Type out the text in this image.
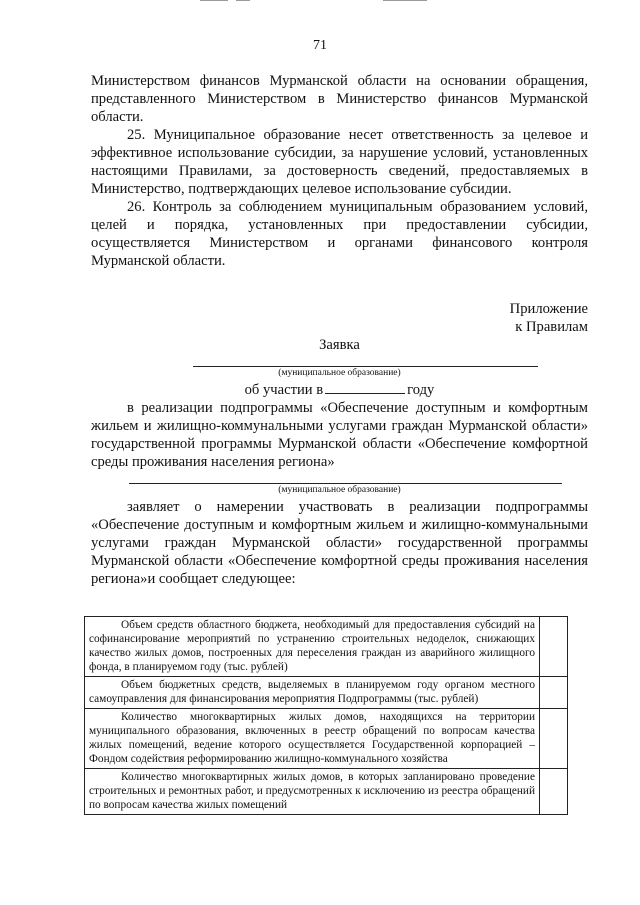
71

Министерством финансов Мурманской области на основании обращения, представленного Министерством в Министерство финансов Мурманской области.

25. Муниципальное образование несет ответственность за целевое и эффективное использование субсидии, за нарушение условий, установленных настоящими Правилами, за достоверность сведений, предоставляемых в Министерство, подтверждающих целевое использование субсидии.

26. Контроль за соблюдением муниципальным образованием условий, целей и порядка, установленных при предоставлении субсидии, осуществляется Министерством и органами финансового контроля Мурманской области.

Приложение
к Правилам
Заявка
(муниципальное образование)
об участии в	году

в реализации подпрограммы «Обеспечение доступным и комфортным жильем и жилищно-коммунальными услугами граждан Мурманской области» государственной программы Мурманской области «Обеспечение комфортной среды проживания населения региона»

(муниципальное образование)

заявляет о намерении участвовать в реализации подпрограммы «Обеспечение доступным и комфортным жильем и жилищно-коммунальными услугами граждан Мурманской области» государственной программы Мурманской области «Обеспечение комфортной среды проживания населения региона»и сообщает следующее:

Объем средств областного бюджета, необходимый для предоставления субсидий на софинансирование мероприятий по устранению строительных недоделок, снижающих качество жилых домов, построенных для переселения граждан из аварийного жилищного фонда, в планируемом году (тыс. рублей)	

Объем бюджетных средств, выделяемых в планируемом году органом местного самоуправления для финансирования мероприятия Подпрограммы (тыс. рублей)	

Количество многоквартирных жилых домов, находящихся на территории муниципального образования, включенных в реестр обращений по вопросам качества жилых помещений, ведение которого осуществляется Государственной корпорацией – Фондом содействия реформированию жилищно-коммунального хозяйства	

Количество многоквартирных жилых домов, в которых запланировано проведение строительных и ремонтных работ, и предусмотренных к исключению из реестра обращений по вопросам качества жилых помещений	
